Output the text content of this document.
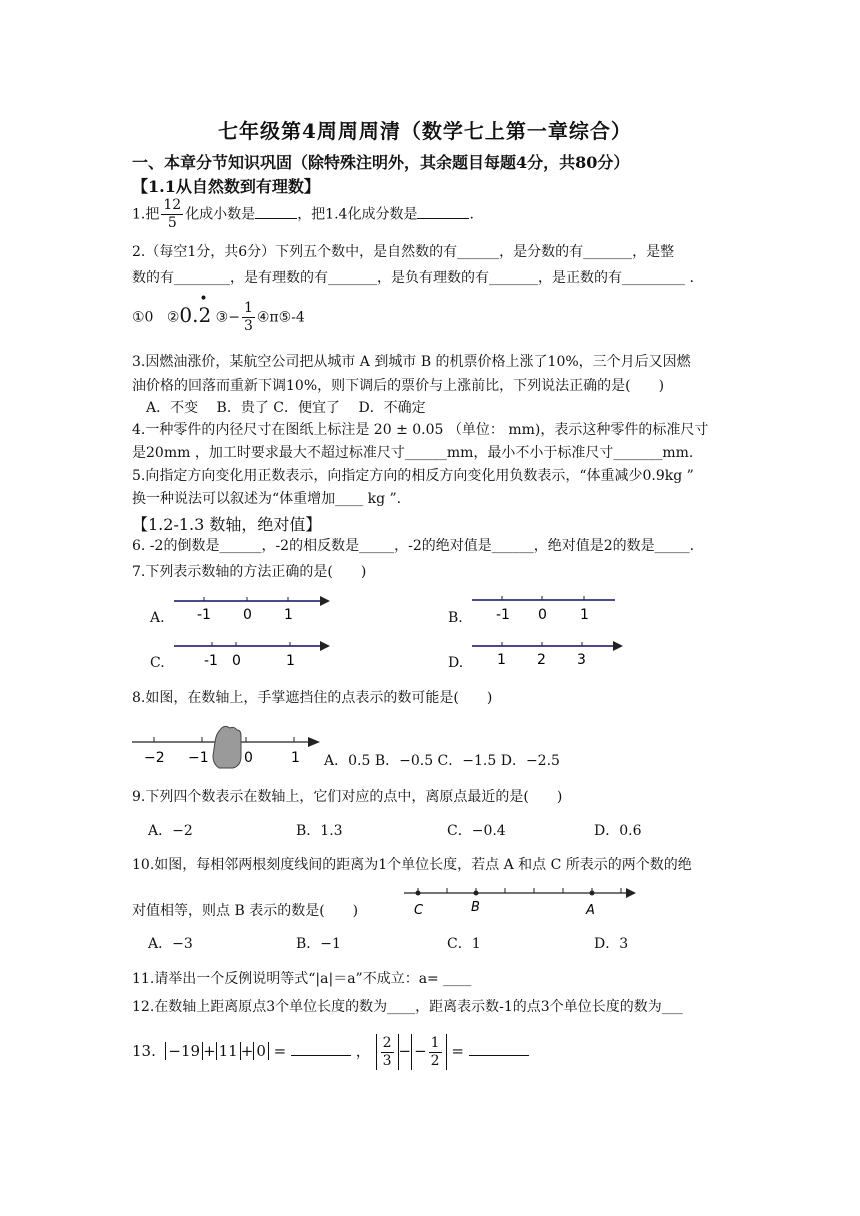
七年级第4周周周清（数学七上第一章综合）
一、本章分节知识巩固（除特殊注明外，其余题目每题4分，共80分）
【1.1从自然数到有理数】
1.把 $\frac{12}{5}$ 化成小数是	，把1.4化成分数是	.
2.（每空1分，共6分）下列五个数中，是自然数的有______，是分数的有_______，是整
数的有________，是有理数的有_______，是负有理数的有_______，是正数的有_________ .
①0 ②0.2
•
③− $\frac{1}{3}$ ④π⑤-4
3.因燃油涨价，某航空公司把从城市 A 到城市 B 的机票价格上涨了10%，三个月后又因燃
油价格的回落而重新下调10%，则下调后的票价与上涨前比，下列说法正确的是(　　)
A．不变　 B．贵了 C．便宜了　 D．不确定
4.一种零件的内径尺寸在图纸上标注是 20 ± 0.05 （单位： mm)，表示这种零件的标准尺寸
是20mm ，加工时要求最大不超过标准尺寸______mm，最小不小于标准尺寸_______mm.
5.向指定方向变化用正数表示，向指定方向的相反方向变化用负数表示，“体重减少0.9kg ”
换一种说法可以叙述为“体重增加____ kg ”.
【1.2-1.3 数轴，绝对值】
6. -2的倒数是______，-2的相反数是_____，-2的绝对值是______，绝对值是2的数是_____.
7.下列表示数轴的方法正确的是(　　)
A.	B.
C.	D.
-1 0 1	-1 0 1
-1 0	1	1 2 3
8.如图，在数轴上，手掌遮挡住的点表示的数可能是(　　)
−2 −1	0	1 A．0.5 B．−0.5 C．−1.5 D．−2.5
9.下列四个数表示在数轴上，它们对应的点中，离原点最近的是(　　)
A．−2	B．1.3	C．−0.4	D．0.6
10.如图，每相邻两根刻度线间的距离为1个单位长度，若点 A 和点 C 所表示的两个数的绝
对值相等，则点 B 表示的数是(　　)	C	B	A
A．−3	B．−1	C．1	D．3
11.请举出一个反例说明等式“|a|＝a”不成立：a= ____
12.在数轴上距离原点3个单位长度的数为____，距离表示数-1的点3个单位长度的数为___
13. −19 + 11 + 0 =	， $\frac{2}{3}$ − − $\frac{1}{2}$ =
